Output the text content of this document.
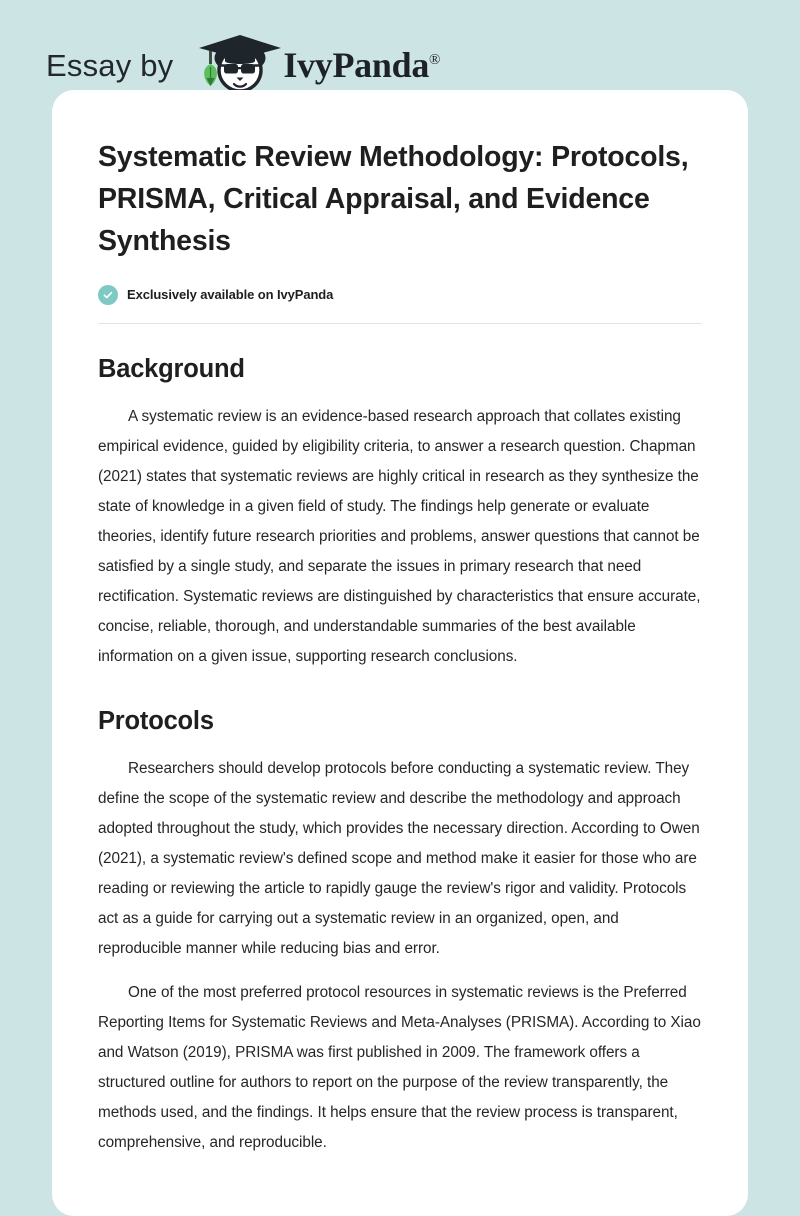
Essay by	IvyPanda®
Systematic Review Methodology: Protocols, PRISMA, Critical Appraisal, and Evidence Synthesis
Exclusively available on IvyPanda
Background

A systematic review is an evidence-based research approach that collates existing empirical evidence, guided by eligibility criteria, to answer a research question. Chapman (2021) states that systematic reviews are highly critical in research as they synthesize the state of knowledge in a given field of study. The findings help generate or evaluate theories, identify future research priorities and problems, answer questions that cannot be satisfied by a single study, and separate the issues in primary research that need rectification. Systematic reviews are distinguished by characteristics that ensure accurate, concise, reliable, thorough, and understandable summaries of the best available information on a given issue, supporting research conclusions.

Protocols

Researchers should develop protocols before conducting a systematic review. They define the scope of the systematic review and describe the methodology and approach adopted throughout the study, which provides the necessary direction. According to Owen (2021), a systematic review's defined scope and method make it easier for those who are reading or reviewing the article to rapidly gauge the review's rigor and validity. Protocols act as a guide for carrying out a systematic review in an organized, open, and reproducible manner while reducing bias and error.

One of the most preferred protocol resources in systematic reviews is the Preferred Reporting Items for Systematic Reviews and Meta-Analyses (PRISMA). According to Xiao and Watson (2019), PRISMA was first published in 2009. The framework offers a structured outline for authors to report on the purpose of the review transparently, the methods used, and the findings. It helps ensure that the review process is transparent, comprehensive, and reproducible.
